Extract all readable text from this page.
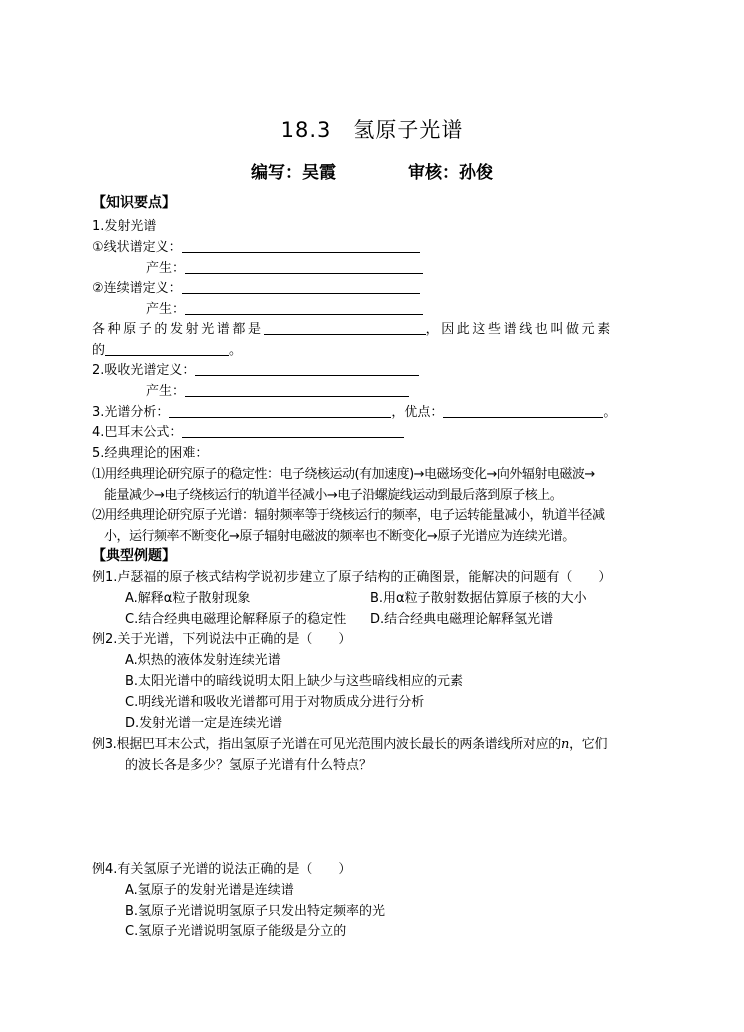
18.3　氢原子光谱
编写：吴霞	审核：孙俊
【知识要点】
1.发射光谱
①线状谱定义：
产生：
②连续谱定义：
产生：
各种原子的发射光谱都是	，因此这些谱线也叫做元素
的	。
2.吸收光谱定义：
产生：
3.光谱分析：	，优点：	。
4.巴耳末公式：
5.经典理论的困难：
⑴用经典理论研究原子的稳定性：电子绕核运动(有加速度)→电磁场变化→向外辐射电磁波→
能量减少→电子绕核运行的轨道半径减小→电子沿螺旋线运动到最后落到原子核上。
⑵用经典理论研究原子光谱：辐射频率等于绕核运行的频率，电子运转能量减小，轨道半径减
小，运行频率不断变化→原子辐射电磁波的频率也不断变化→原子光谱应为连续光谱。
【典型例题】
例1.卢瑟福的原子核式结构学说初步建立了原子结构的正确图景，能解决的问题有（　　）
A.解释α粒子散射现象	B.用α粒子散射数据估算原子核的大小
C.结合经典电磁理论解释原子的稳定性 D.结合经典电磁理论解释氢光谱
例2.关于光谱，下列说法中正确的是（　　）
A.炽热的液体发射连续光谱
B.太阳光谱中的暗线说明太阳上缺少与这些暗线相应的元素
C.明线光谱和吸收光谱都可用于对物质成分进行分析
D.发射光谱一定是连续光谱
例3.根据巴耳末公式，指出氢原子光谱在可见光范围内波长最长的两条谱线所对应的n，它们
的波长各是多少？氢原子光谱有什么特点？
例4.有关氢原子光谱的说法正确的是（　　）
A.氢原子的发射光谱是连续谱
B.氢原子光谱说明氢原子只发出特定频率的光
C.氢原子光谱说明氢原子能级是分立的
